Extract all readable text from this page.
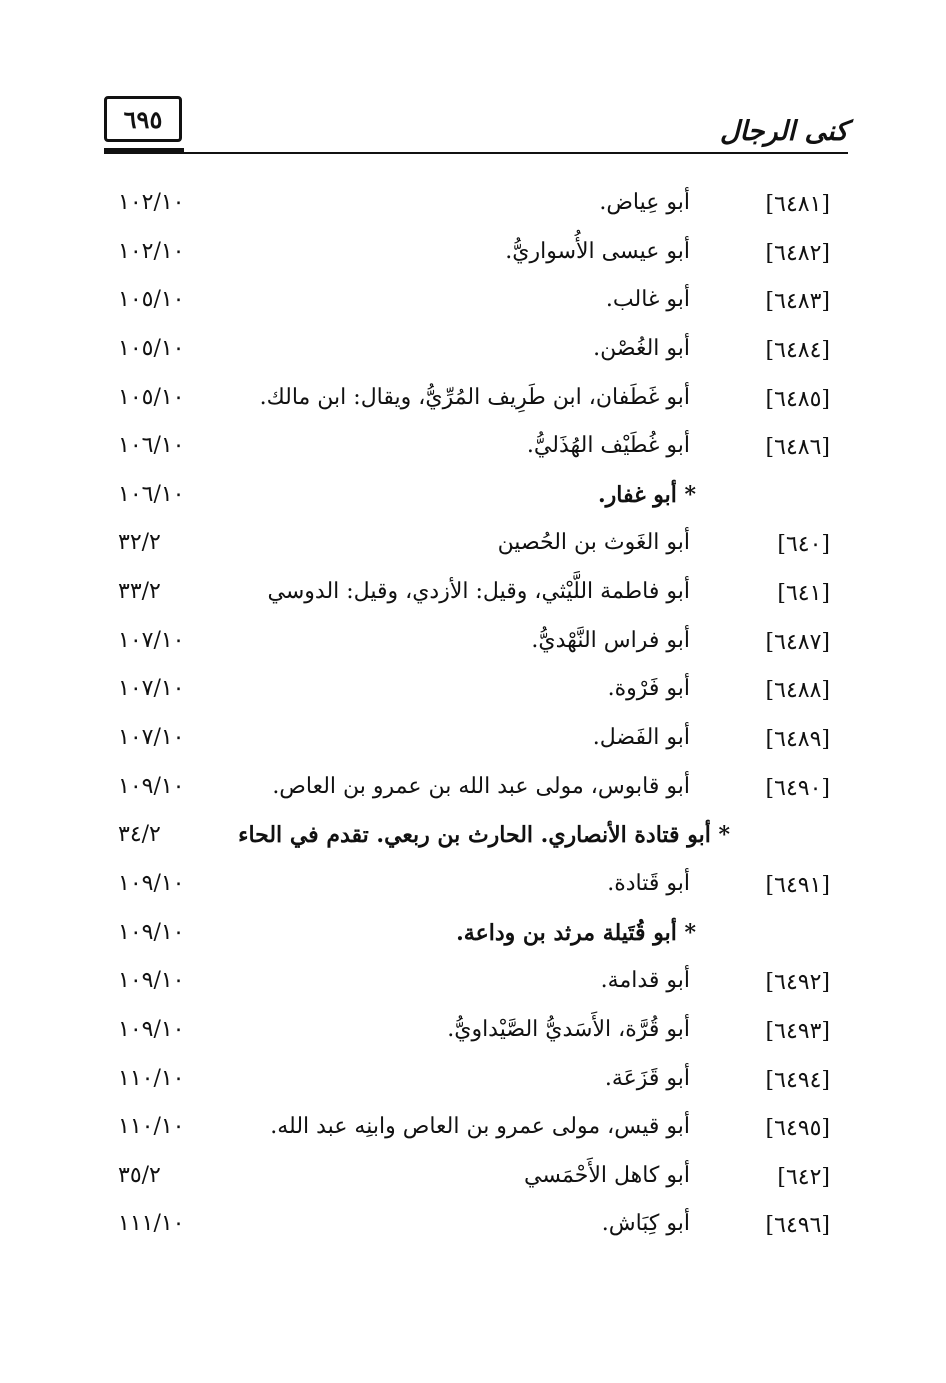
كنى الرجال
٦٩٥
[٦٤٨١]
أبو عِياض.
١٠٢/١٠
[٦٤٨٢]
أبو عيسى الأُسواريُّ.
١٠٢/١٠
[٦٤٨٣]
أبو غالب.
١٠٥/١٠
[٦٤٨٤]
أبو الغُصْن.
١٠٥/١٠
[٦٤٨٥]
أبو غَطَفان، ابن طَرِيف المُرِّيُّ، ويقال: ابن مالك.
١٠٥/١٠
[٦٤٨٦]
أبو غُطَيْف الهُذَليُّ.
١٠٦/١٠
* أبو غفار.
١٠٦/١٠
[٦٤٠]
أبو الغَوث بن الحُصين
٣٢/٢
[٦٤١]
أبو فاطمة اللَّيْثي، وقيل: الأزدي، وقيل: الدوسي
٣٣/٢
[٦٤٨٧]
أبو فراس النَّهْديُّ.
١٠٧/١٠
[٦٤٨٨]
أبو فَرْوة.
١٠٧/١٠
[٦٤٨٩]
أبو الفَضل.
١٠٧/١٠
[٦٤٩٠]
أبو قابوس، مولى عبد الله بن عمرو بن العاص.
١٠٩/١٠
* أبو قتادة الأنصاري. الحارث بن ربعي. تقدم في الحاء
٣٤/٢
[٦٤٩١]
أبو قَتادة.
١٠٩/١٠
* أبو قُتَيلة مرثد بن وداعة.
١٠٩/١٠
[٦٤٩٢]
أبو قدامة.
١٠٩/١٠
[٦٤٩٣]
أبو قُرَّة، الأَسَديُّ الصَّيْداويُّ.
١٠٩/١٠
[٦٤٩٤]
أبو قَزَعَة.
١١٠/١٠
[٦٤٩٥]
أبو قيس، مولى عمرو بن العاص وابنِه عبد الله.
١١٠/١٠
[٦٤٢]
أبو كاهل الأَحْمَسي
٣٥/٢
[٦٤٩٦]
أبو كِبَاش.
١١١/١٠
